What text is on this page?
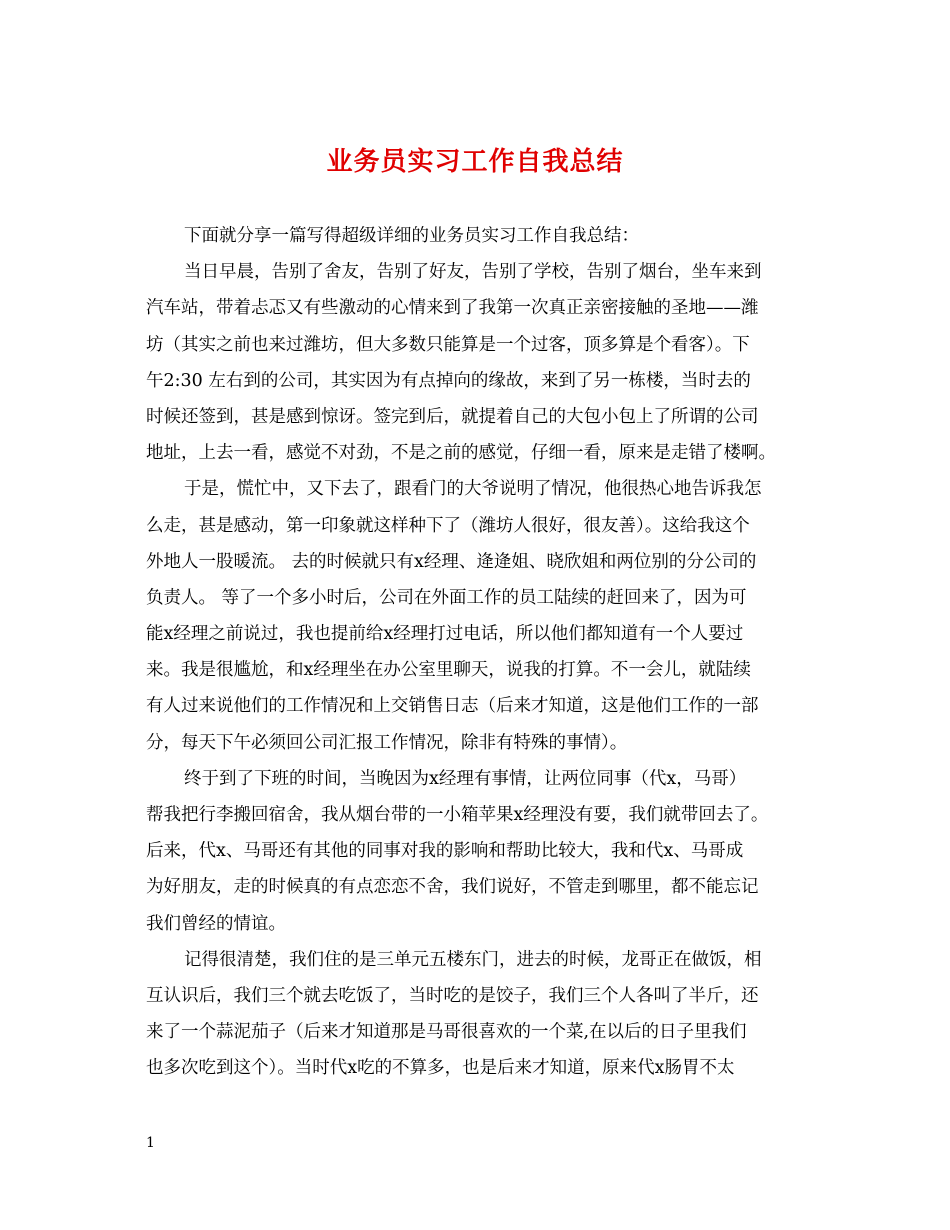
业务员实习工作自我总结
下面就分享一篇写得超级详细的业务员实习工作自我总结：
当日早晨，告别了舍友，告别了好友，告别了学校，告别了烟台，坐车来到
汽车站，带着忐忑又有些激动的心情来到了我第一次真正亲密接触的圣地——潍
坊（其实之前也来过潍坊，但大多数只能算是一个过客，顶多算是个看客）。下
午2:30 左右到的公司，其实因为有点掉向的缘故，来到了另一栋楼，当时去的
时候还签到，甚是感到惊讶。签完到后，就提着自己的大包小包上了所谓的公司
地址，上去一看，感觉不对劲，不是之前的感觉，仔细一看，原来是走错了楼啊。
于是，慌忙中，又下去了，跟看门的大爷说明了情况，他很热心地告诉我怎
么走，甚是感动，第一印象就这样种下了（潍坊人很好，很友善）。这给我这个
外地人一股暖流。 去的时候就只有x经理、逄逄姐、晓欣姐和两位别的分公司的
负责人。 等了一个多小时后，公司在外面工作的员工陆续的赶回来了，因为可
能x经理之前说过，我也提前给x经理打过电话，所以他们都知道有一个人要过
来。我是很尴尬，和x经理坐在办公室里聊天，说我的打算。不一会儿，就陆续
有人过来说他们的工作情况和上交销售日志（后来才知道，这是他们工作的一部
分，每天下午必须回公司汇报工作情况，除非有特殊的事情）。
终于到了下班的时间，当晚因为x经理有事情，让两位同事（代x，马哥）
帮我把行李搬回宿舍，我从烟台带的一小箱苹果x经理没有要，我们就带回去了。
后来，代x、马哥还有其他的同事对我的影响和帮助比较大，我和代x、马哥成
为好朋友，走的时候真的有点恋恋不舍，我们说好，不管走到哪里，都不能忘记
我们曾经的情谊。
记得很清楚，我们住的是三单元五楼东门，进去的时候，龙哥正在做饭，相
互认识后，我们三个就去吃饭了，当时吃的是饺子，我们三个人各叫了半斤，还
来了一个蒜泥茄子（后来才知道那是马哥很喜欢的一个菜,在以后的日子里我们
也多次吃到这个）。当时代x吃的不算多，也是后来才知道，原来代x肠胃不太
1
